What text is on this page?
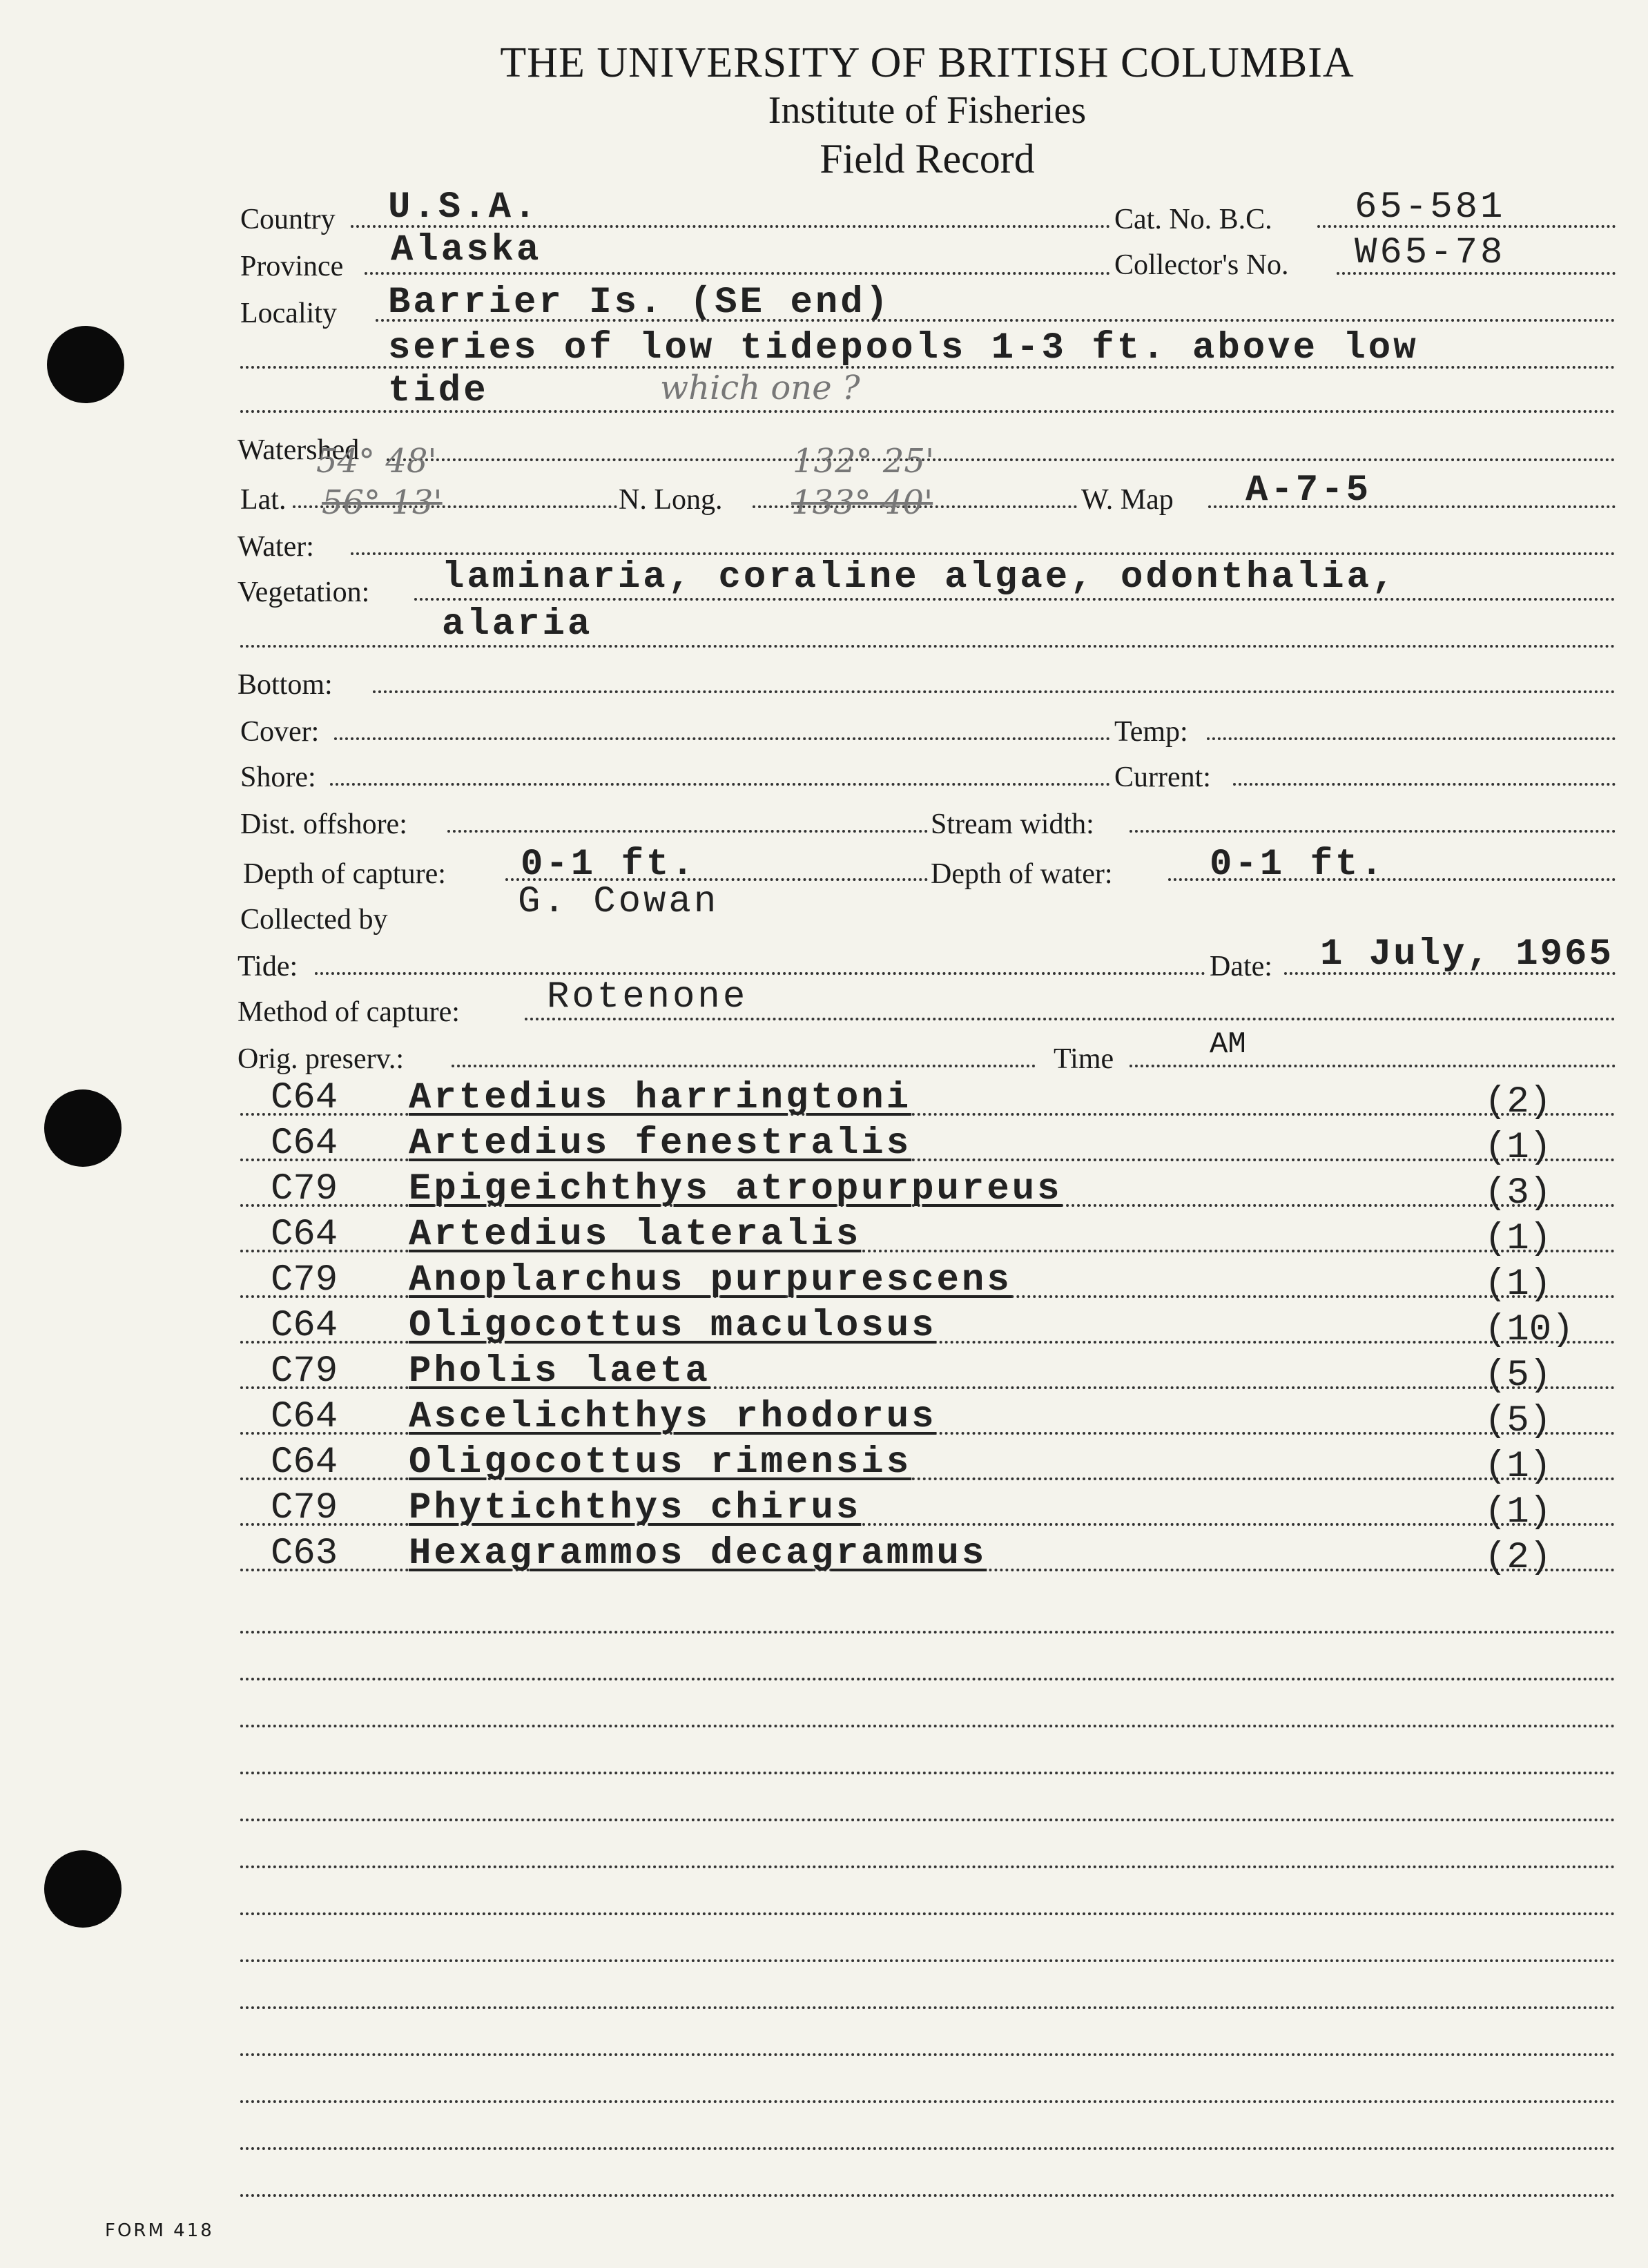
THE UNIVERSITY OF BRITISH COLUMBIA
Institute of Fisheries
Field Record
Country U.S.A.	Cat. No. B.C. 65-581
Province Alaska	Collector's No. W65-78
Locality Barrier Is. (SE end)
series of low tidepools 1-3 ft. above low
tide	which one ?
Watershed
54° 48'	132° 25'
Lat. 56° 13'	N. Long. 133° 40'	W. Map A-7-5
Water:
Vegetation: laminaria, coraline algae, odonthalia,
alaria
Bottom:
Cover:	Temp:
Shore:	Current:
Dist. offshore:	Stream width:
Depth of capture: 0-1 ft.	Depth of water:	0-1 ft.
Collected by	G. Cowan
Tide:	Date: 1 July, 1965
Method of capture: Rotenone
Orig. preserv.:	Time	AM
C64 Artedius harringtoni	(2)
C64 Artedius fenestralis	(1)
C79 Epigeichthys atropurpureus	(3)
C64 Artedius lateralis	(1)
C79 Anoplarchus purpurescens	(1)
C64 Oligocottus maculosus	(10)
C79 Pholis laeta	(5)
C64 Ascelichthys rhodorus	(5)
C64 Oligocottus rimensis	(1)
C79 Phytichthys chirus	(1)
C63 Hexagrammos decagrammus	(2)
FORM 418
